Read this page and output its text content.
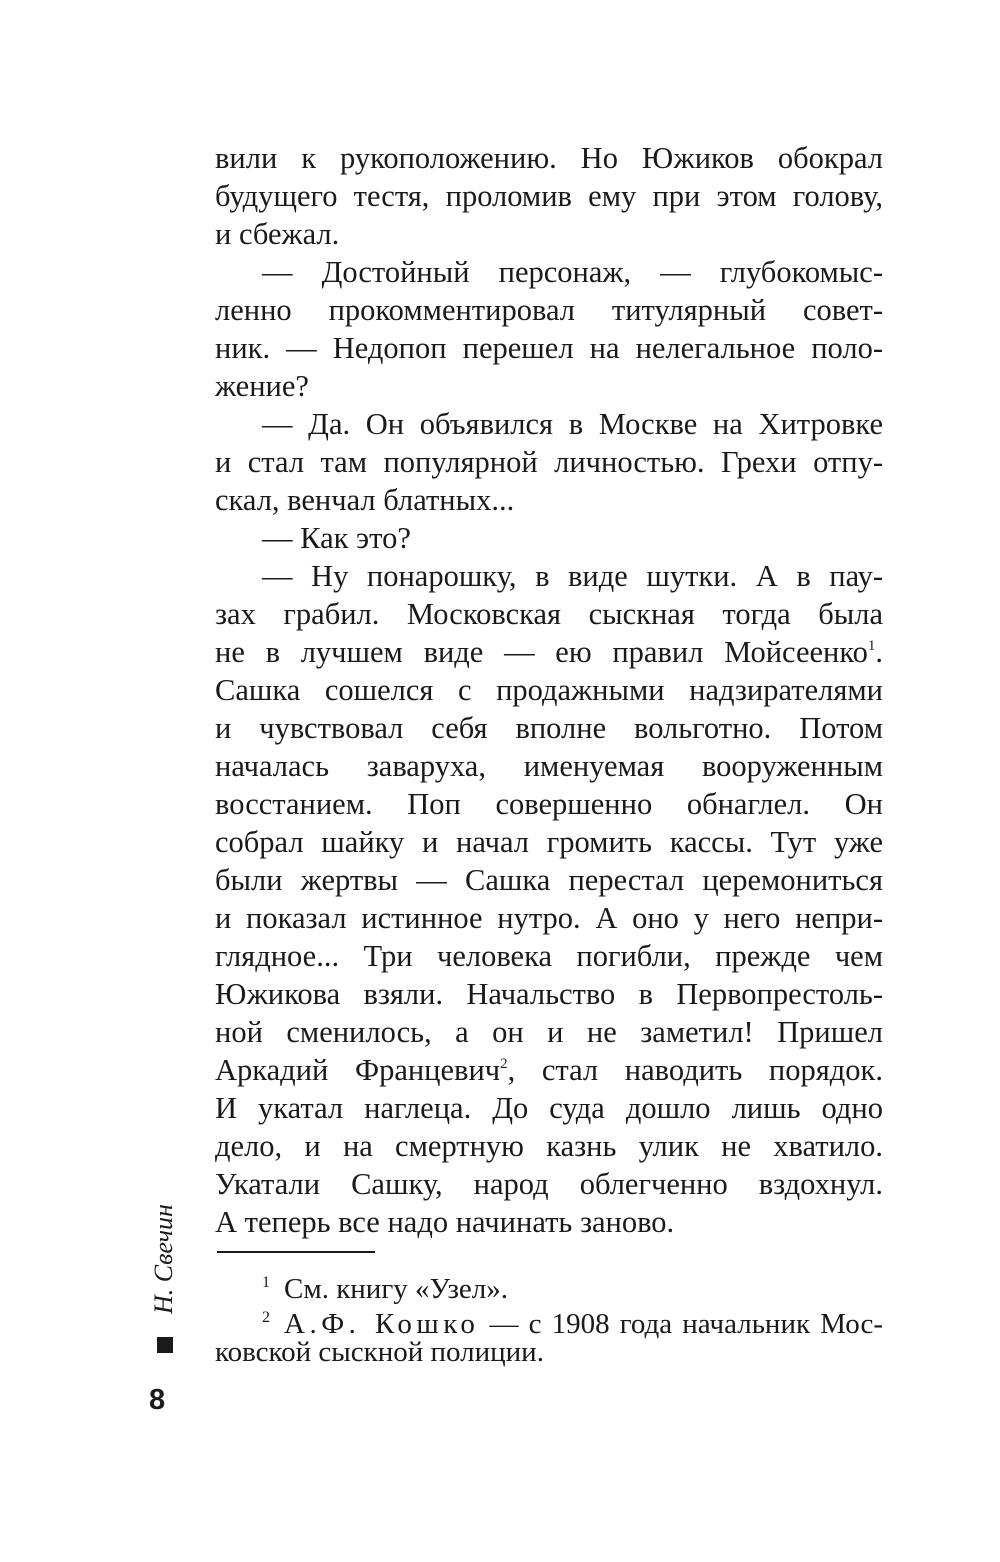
вили к рукоположению. Но Южиков обокрал
будущего тестя, проломив ему при этом голову,
и сбежал.
— Достойный персонаж, — глубокомыс-
ленно прокомментировал титулярный совет-
ник. — Недопоп перешел на нелегальное поло-
жение?
— Да. Он объявился в Москве на Хитровке
и стал там популярной личностью. Грехи отпу-
скал, венчал блатных...
— Как это?
— Ну понарошку, в виде шутки. А в пау-
зах грабил. Московская сыскная тогда была
не в лучшем виде — ею правил Мойсеенко$^1$.
Сашка сошелся с продажными надзирателями
и чувствовал себя вполне вольготно. Потом
началась заваруха, именуемая вооруженным
восстанием. Поп совершенно обнаглел. Он
собрал шайку и начал громить кассы. Тут уже
были жертвы — Сашка перестал церемониться
и показал истинное нутро. А оно у него непри-
глядное... Три человека погибли, прежде чем
Южикова взяли. Начальство в Первопрестоль-
ной сменилось, а он и не заметил! Пришел
Аркадий Францевич$^2$, стал наводить порядок.
И укатал наглеца. До суда дошло лишь одно
дело, и на смертную казнь улик не хватило.
Укатали Сашку, народ облегченно вздохнул.
А теперь все надо начинать заново.
$^1$ См. книгу «Узел».
$^2$ А.Ф. Кошко — с 1908 года начальник Мос-
ковской сыскной полиции.
Н. Свечин
8
